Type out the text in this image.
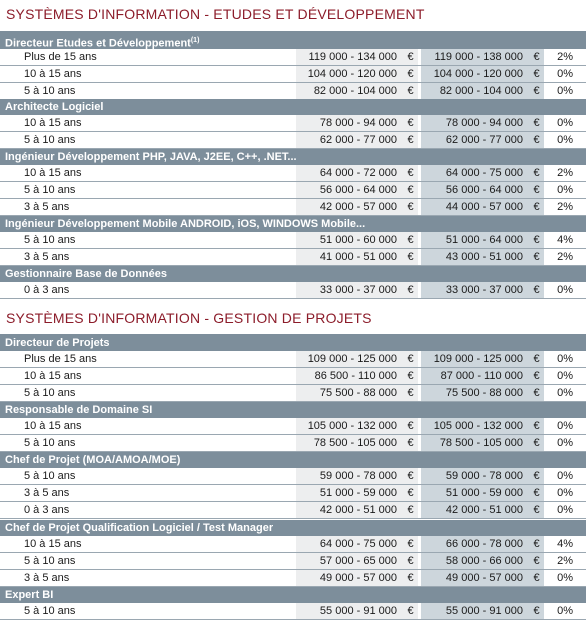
SYSTÈMES D'INFORMATION - ETUDES ET DÉVELOPPEMENT
Directeur Etudes et Développement$^{(1)}$
Plus de 15 ans	119 000 - 134 000 €	119 000 - 138 000 €	2%
10 à 15 ans	104 000 - 120 000 €	104 000 - 120 000 €	0%
5 à 10 ans	82 000 - 104 000 €	82 000 - 104 000 €	0%
Architecte Logiciel
10 à 15 ans	78 000 - 94 000 €	78 000 - 94 000 €	0%
5 à 10 ans	62 000 - 77 000 €	62 000 - 77 000 €	0%
Ingénieur Développement PHP, JAVA, J2EE, C++, .NET...
10 à 15 ans	64 000 - 72 000 €	64 000 - 75 000 €	2%
5 à 10 ans	56 000 - 64 000 €	56 000 - 64 000 €	0%
3 à 5 ans	42 000 - 57 000 €	44 000 - 57 000 €	2%
Ingénieur Développement Mobile ANDROID, iOS, WINDOWS Mobile...
5 à 10 ans	51 000 - 60 000 €	51 000 - 64 000 €	4%
3 à 5 ans	41 000 - 51 000 €	43 000 - 51 000 €	2%
Gestionnaire Base de Données
0 à 3 ans	33 000 - 37 000 €	33 000 - 37 000 €	0%
SYSTÈMES D'INFORMATION - GESTION DE PROJETS
Directeur de Projets
Plus de 15 ans	109 000 - 125 000 €	109 000 - 125 000 €	0%
10 à 15 ans	86 500 - 110 000 €	87 000 - 110 000 €	0%
5 à 10 ans	75 500 - 88 000 €	75 500 - 88 000 €	0%
Responsable de Domaine SI
10 à 15 ans	105 000 - 132 000 €	105 000 - 132 000 €	0%
5 à 10 ans	78 500 - 105 000 €	78 500 - 105 000 €	0%
Chef de Projet (MOA/AMOA/MOE)
5 à 10 ans	59 000 - 78 000 €	59 000 - 78 000 €	0%
3 à 5 ans	51 000 - 59 000 €	51 000 - 59 000 €	0%
0 à 3 ans	42 000 - 51 000 €	42 000 - 51 000 €	0%
Chef de Projet Qualification Logiciel / Test Manager
10 à 15 ans	64 000 - 75 000 €	66 000 - 78 000 €	4%
5 à 10 ans	57 000 - 65 000 €	58 000 - 66 000 €	2%
3 à 5 ans	49 000 - 57 000 €	49 000 - 57 000 €	0%
Expert BI
5 à 10 ans	55 000 - 91 000 €	55 000 - 91 000 €	0%
